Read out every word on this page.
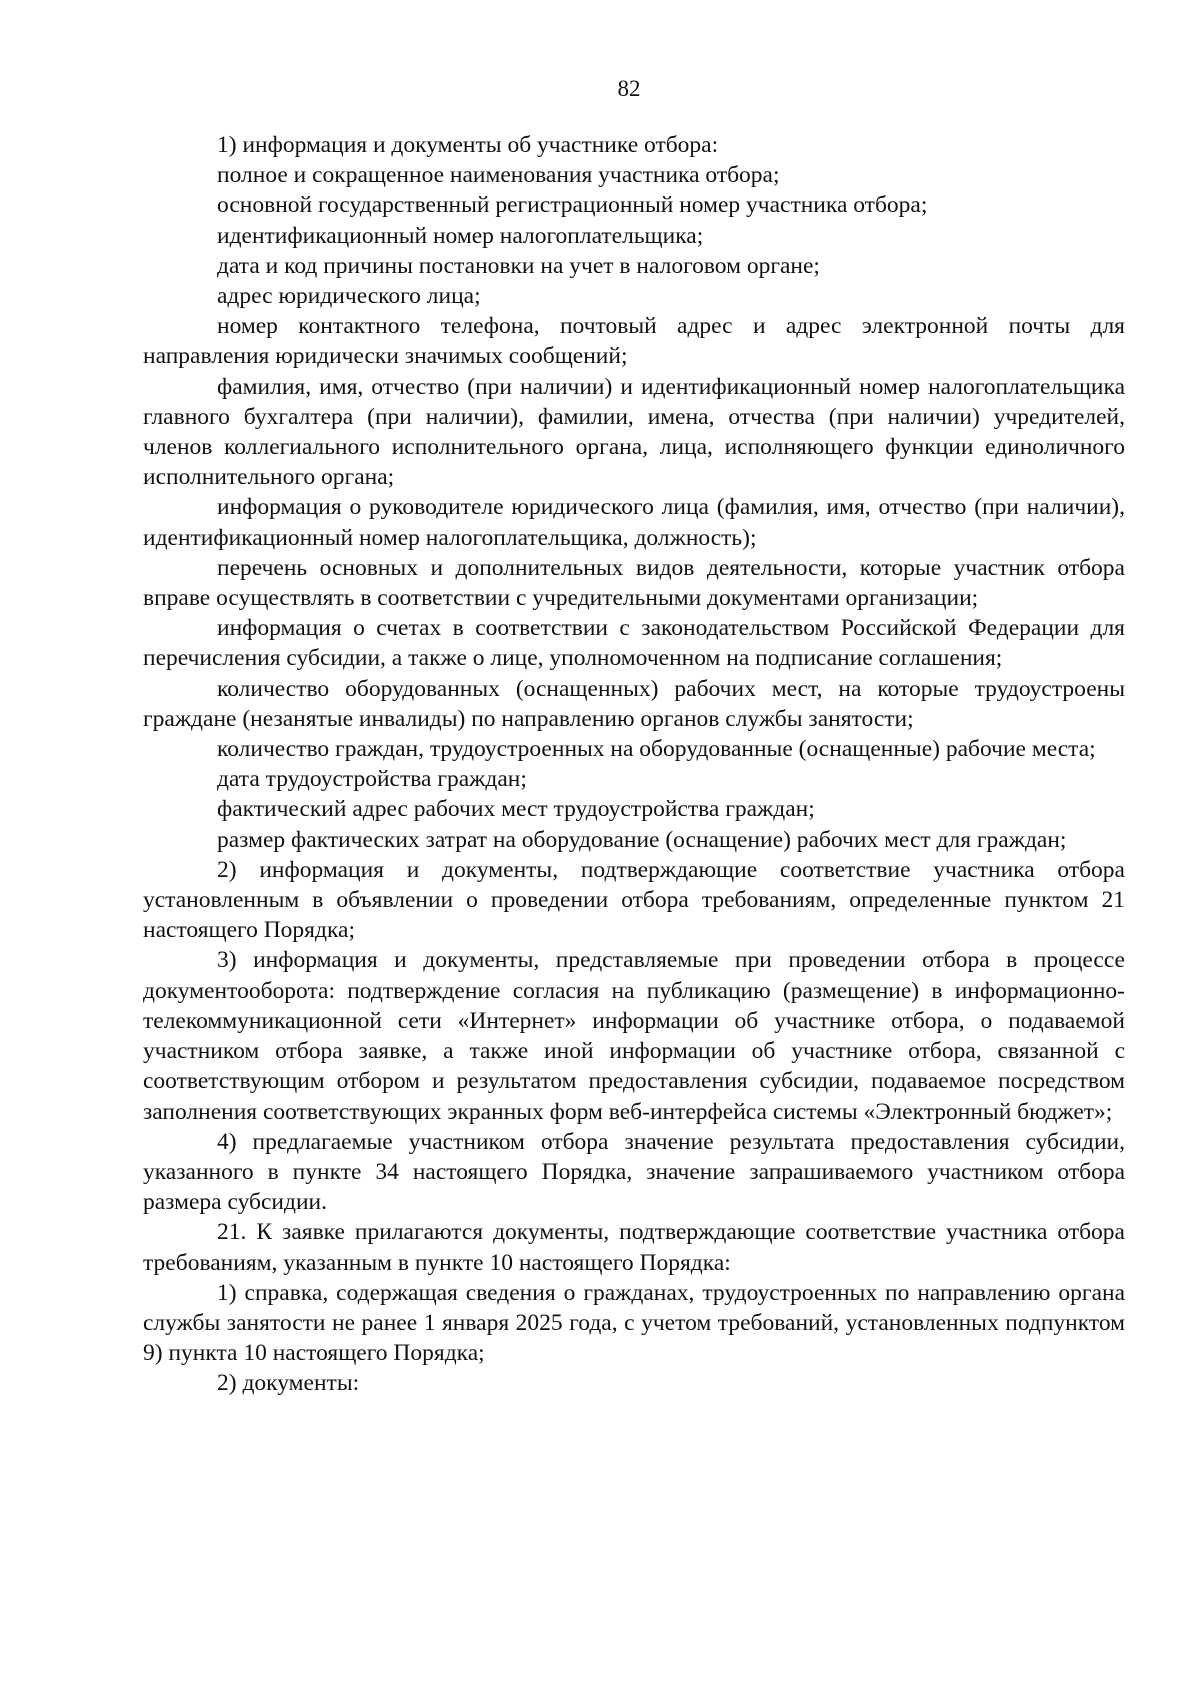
82

1) информация и документы об участнике отбора:

полное и сокращенное наименования участника отбора;

основной государственный регистрационный номер участника отбора;

идентификационный номер налогоплательщика;

дата и код причины постановки на учет в налоговом органе;

адрес юридического лица;

номер контактного телефона, почтовый адрес и адрес электронной почты для направления юридически значимых сообщений;

фамилия, имя, отчество (при наличии) и идентификационный номер налогоплательщика главного бухгалтера (при наличии), фамилии, имена, отчества (при наличии) учредителей, членов коллегиального исполнительного органа, лица, исполняющего функции единоличного исполнительного органа;

информация о руководителе юридического лица (фамилия, имя, отчество (при наличии), идентификационный номер налогоплательщика, должность);

перечень основных и дополнительных видов деятельности, которые участник отбора вправе осуществлять в соответствии с учредительными документами организации;

информация о счетах в соответствии с законодательством Российской Федерации для перечисления субсидии, а также о лице, уполномоченном на подписание соглашения;

количество оборудованных (оснащенных) рабочих мест, на которые трудоустроены граждане (незанятые инвалиды) по направлению органов службы занятости;

количество граждан, трудоустроенных на оборудованные (оснащенные) рабочие места;

дата трудоустройства граждан;

фактический адрес рабочих мест трудоустройства граждан;

размер фактических затрат на оборудование (оснащение) рабочих мест для граждан;

2) информация и документы, подтверждающие соответствие участника отбора установленным в объявлении о проведении отбора требованиям, определенные пунктом 21 настоящего Порядка;

3) информация и документы, представляемые при проведении отбора в процессе документооборота: подтверждение согласия на публикацию (размещение) в информационно-телекоммуникационной сети «Интернет» информации об участнике отбора, о подаваемой участником отбора заявке, а также иной информации об участнике отбора, связанной с соответствующим отбором и результатом предоставления субсидии, подаваемое посредством заполнения соответствующих экранных форм веб-интерфейса системы «Электронный бюджет»;

4) предлагаемые участником отбора значение результата предоставления субсидии, указанного в пункте 34 настоящего Порядка, значение запрашиваемого участником отбора размера субсидии.

21. К заявке прилагаются документы, подтверждающие соответствие участника отбора требованиям, указанным в пункте 10 настоящего Порядка:

1) справка, содержащая сведения о гражданах, трудоустроенных по направлению органа службы занятости не ранее 1 января 2025 года, с учетом требований, установленных подпунктом 9) пункта 10 настоящего Порядка;

2) документы:
